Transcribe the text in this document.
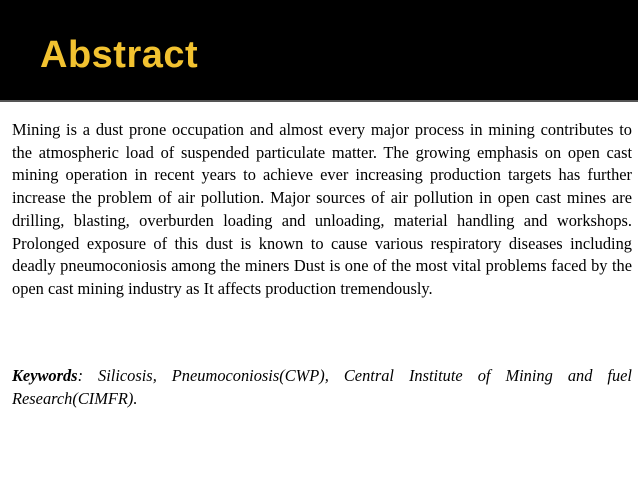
Abstract

Mining is a dust prone occupation and almost every major process in mining contributes to the atmospheric load of suspended particulate matter. The growing emphasis on open cast mining operation in recent years to achieve ever increasing production targets has further increase the problem of air pollution. Major sources of air pollution in open cast mines are drilling, blasting, overburden loading and unloading, material handling and workshops. Prolonged exposure of this dust is known to cause various respiratory diseases including deadly pneumoconiosis among the miners Dust is one of the most vital problems faced by the open cast mining industry as It affects production tremendously.

Keywords: Silicosis, Pneumoconiosis(CWP), Central Institute of Mining and fuel Research(CIMFR).
